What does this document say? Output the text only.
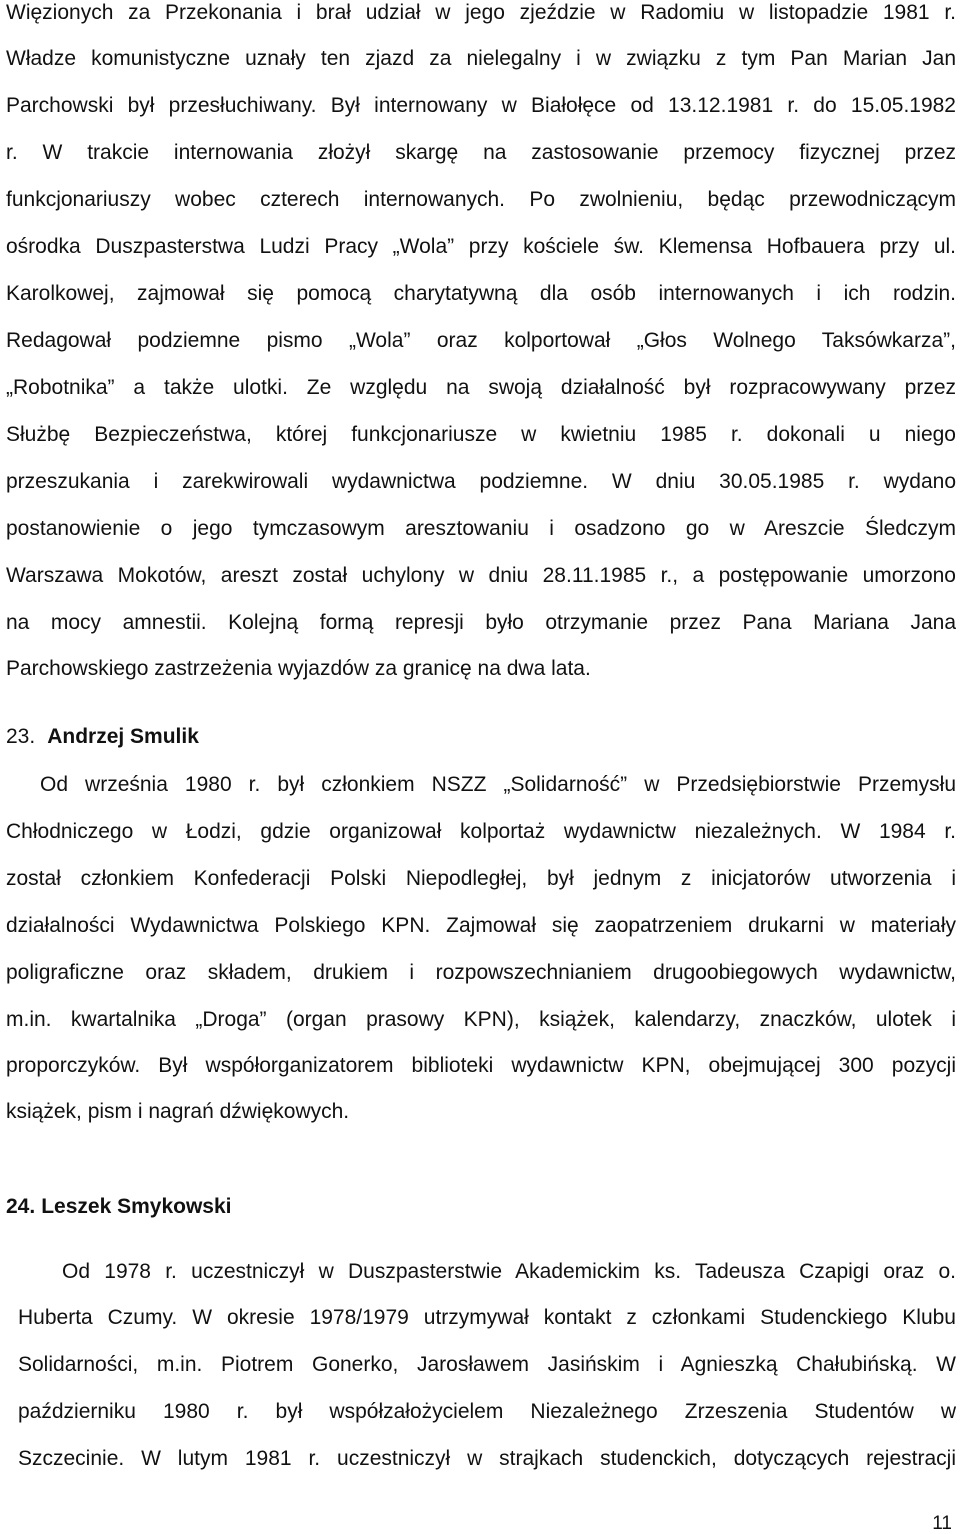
Więzionych za Przekonania i brał udział w jego zjeździe w Radomiu w listopadzie 1981 r.
Władze komunistyczne uznały ten zjazd za nielegalny i w związku z tym Pan Marian Jan
Parchowski był przesłuchiwany. Był internowany w Białołęce od 13.12.1981 r. do 15.05.1982
r. W trakcie internowania złożył skargę na zastosowanie przemocy fizycznej przez
funkcjonariuszy wobec czterech internowanych. Po zwolnieniu, będąc przewodniczącym
ośrodka Duszpasterstwa Ludzi Pracy „Wola” przy kościele św. Klemensa Hofbauera przy ul.
Karolkowej, zajmował się pomocą charytatywną dla osób internowanych i ich rodzin.
Redagował podziemne pismo „Wola” oraz kolportował „Głos Wolnego Taksówkarza”,
„Robotnika” a także ulotki. Ze względu na swoją działalność był rozpracowywany przez
Służbę Bezpieczeństwa, której funkcjonariusze w kwietniu 1985 r. dokonali u niego
przeszukania i zarekwirowali wydawnictwa podziemne. W dniu 30.05.1985 r. wydano
postanowienie o jego tymczasowym aresztowaniu i osadzono go w Areszcie Śledczym
Warszawa Mokotów, areszt został uchylony w dniu 28.11.1985 r., a postępowanie umorzono
na mocy amnestii. Kolejną formą represji było otrzymanie przez Pana Mariana Jana
Parchowskiego zastrzeżenia wyjazdów za granicę na dwa lata.
23. Andrzej Smulik
Od września 1980 r. był członkiem NSZZ „Solidarność” w Przedsiębiorstwie Przemysłu
Chłodniczego w Łodzi, gdzie organizował kolportaż wydawnictw niezależnych. W 1984 r.
został członkiem Konfederacji Polski Niepodległej, był jednym z inicjatorów utworzenia i
działalności Wydawnictwa Polskiego KPN. Zajmował się zaopatrzeniem drukarni w materiały
poligraficzne oraz składem, drukiem i rozpowszechnianiem drugoobiegowych wydawnictw,
m.in. kwartalnika „Droga” (organ prasowy KPN), książek, kalendarzy, znaczków, ulotek i
proporczyków. Był współorganizatorem biblioteki wydawnictw KPN, obejmującej 300 pozycji
książek, pism i nagrań dźwiękowych.
24. Leszek Smykowski
Od 1978 r. uczestniczył w Duszpasterstwie Akademickim ks. Tadeusza Czapigi oraz o.
Huberta Czumy. W okresie 1978/1979 utrzymywał kontakt z członkami Studenckiego Klubu
Solidarności, m.in. Piotrem Gonerko, Jarosławem Jasińskim i Agnieszką Chałubińską. W
październiku 1980 r. był współzałożycielem Niezależnego Zrzeszenia Studentów w
Szczecinie. W lutym 1981 r. uczestniczył w strajkach studenckich, dotyczących rejestracji
11
